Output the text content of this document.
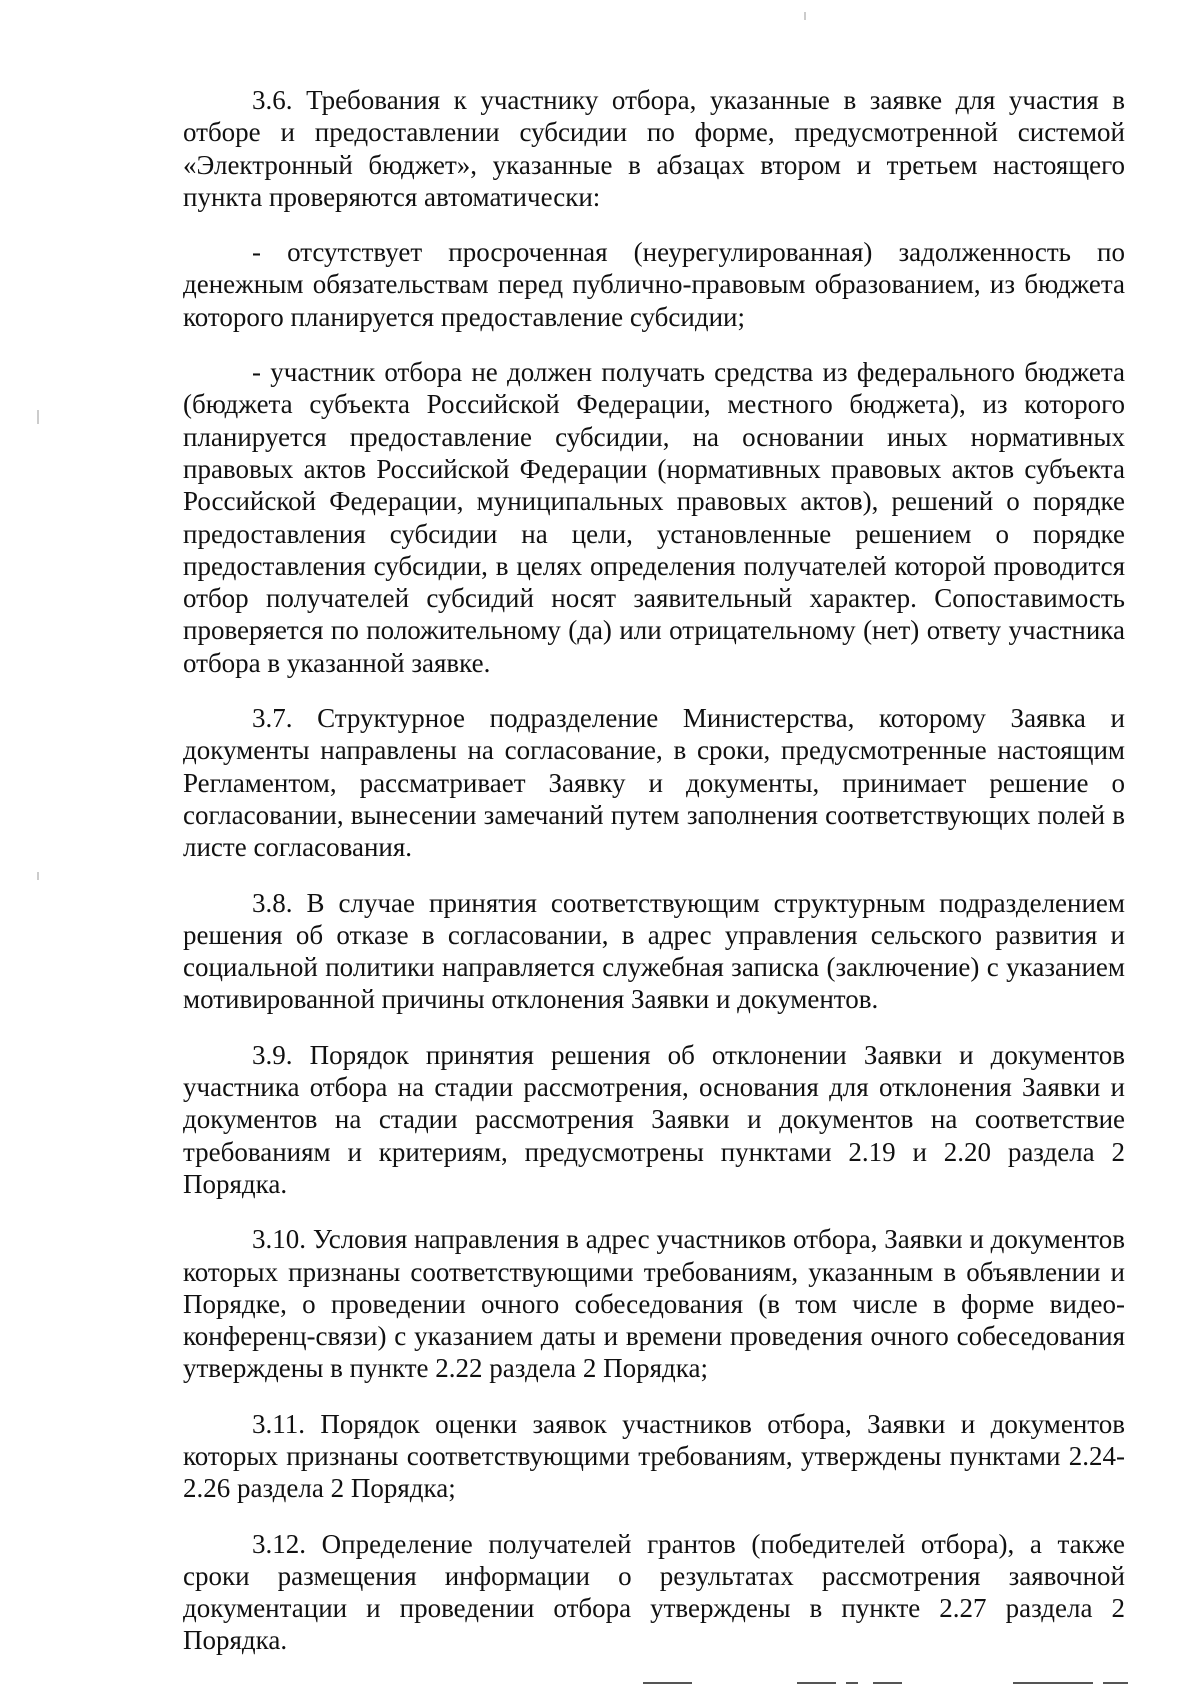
3.6. Требования к участнику отбора, указанные в заявке для участия в отборе и предоставлении субсидии по форме, предусмотренной системой «Электронный бюджет», указанные в абзацах втором и третьем настоящего пункта проверяются автоматически:

- отсутствует просроченная (неурегулированная) задолженность по денежным обязательствам перед публично-правовым образованием, из бюджета которого планируется предоставление субсидии;

- участник отбора не должен получать средства из федерального бюджета (бюджета субъекта Российской Федерации, местного бюджета), из которого планируется предоставление субсидии, на основании иных нормативных правовых актов Российской Федерации (нормативных правовых актов субъекта Российской Федерации, муниципальных правовых актов), решений о порядке предоставления субсидии на цели, установленные решением о порядке предоставления субсидии, в целях определения получателей которой проводится отбор получателей субсидий носят заявительный характер. Сопоставимость проверяется по положительному (да) или отрицательному (нет) ответу участника отбора в указанной заявке.

3.7. Структурное подразделение Министерства, которому Заявка и документы направлены на согласование, в сроки, предусмотренные настоящим Регламентом, рассматривает Заявку и документы, принимает решение о согласовании, вынесении замечаний путем заполнения соответствующих полей в листе согласования.

3.8. В случае принятия соответствующим структурным подразделением решения об отказе в согласовании, в адрес управления сельского развития и социальной политики направляется служебная записка (заключение) с указанием мотивированной причины отклонения Заявки и документов.

3.9. Порядок принятия решения об отклонении Заявки и документов участника отбора на стадии рассмотрения, основания для отклонения Заявки и документов на стадии рассмотрения Заявки и документов на соответствие требованиям и критериям, предусмотрены пунктами 2.19 и 2.20 раздела 2 Порядка.

3.10. Условия направления в адрес участников отбора, Заявки и документов которых признаны соответствующими требованиям, указанным в объявлении и Порядке, о проведении очного собеседования (в том числе в форме видео-конференц-связи) с указанием даты и времени проведения очного собеседования утверждены в пункте 2.22 раздела 2 Порядка;

3.11. Порядок оценки заявок участников отбора, Заявки и документов которых признаны соответствующими требованиям, утверждены пунктами 2.24-2.26 раздела 2 Порядка;

3.12. Определение получателей грантов (победителей отбора), а также сроки размещения информации о результатах рассмотрения заявочной документации и проведении отбора утверждены в пункте 2.27 раздела 2 Порядка.
